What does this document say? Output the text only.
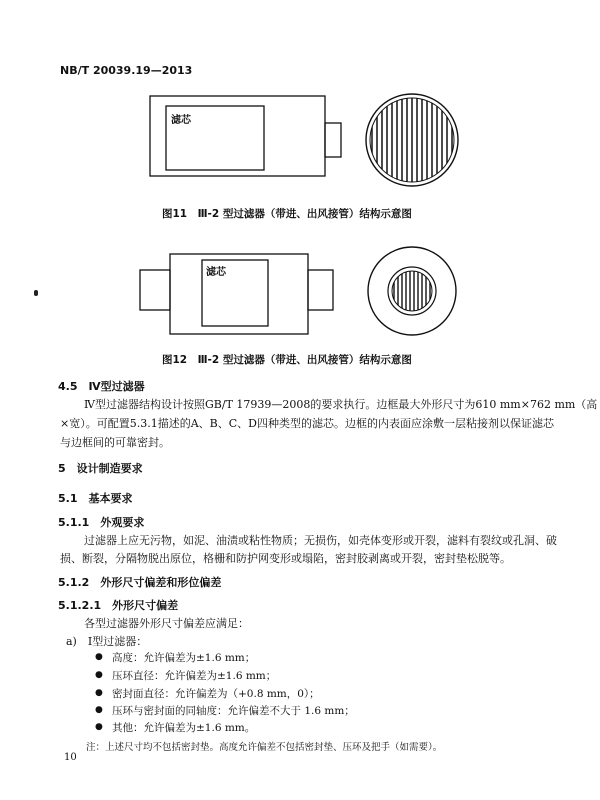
NB/T 20039.19—2013
滤芯
图11　Ⅲ-2 型过滤器（带进、出风接管）结构示意图
滤芯
图12　Ⅲ-2 型过滤器（带进、出风接管）结构示意图
4.5　Ⅳ型过滤器
Ⅳ型过滤器结构设计按照GB/T 17939—2008的要求执行。边框最大外形尺寸为610 mm×762 mm（高
×宽）。可配置5.3.1描述的A、B、C、D四种类型的滤芯。边框的内表面应涂敷一层粘接剂以保证滤芯
与边框间的可靠密封。
5　设计制造要求
5.1　基本要求
5.1.1　外观要求
过滤器上应无污物，如泥、油渍或粘性物质；无损伤，如壳体变形或开裂，滤料有裂纹或孔洞、破
损、断裂，分隔物脱出原位，格栅和防护网变形或塌陷，密封胶剥离或开裂，密封垫松脱等。
5.1.2　外形尺寸偏差和形位偏差
5.1.2.1　外形尺寸偏差
各型过滤器外形尺寸偏差应满足：
a)　Ⅰ型过滤器：
● 高度：允许偏差为±1.6 mm；
● 压环直径：允许偏差为±1.6 mm；
● 密封面直径：允许偏差为（+0.8 mm，0）；
● 压环与密封面的同轴度：允许偏差不大于 1.6 mm；
● 其他：允许偏差为±1.6 mm。
注：上述尺寸均不包括密封垫。高度允许偏差不包括密封垫、压环及把手（如需要）。
10
